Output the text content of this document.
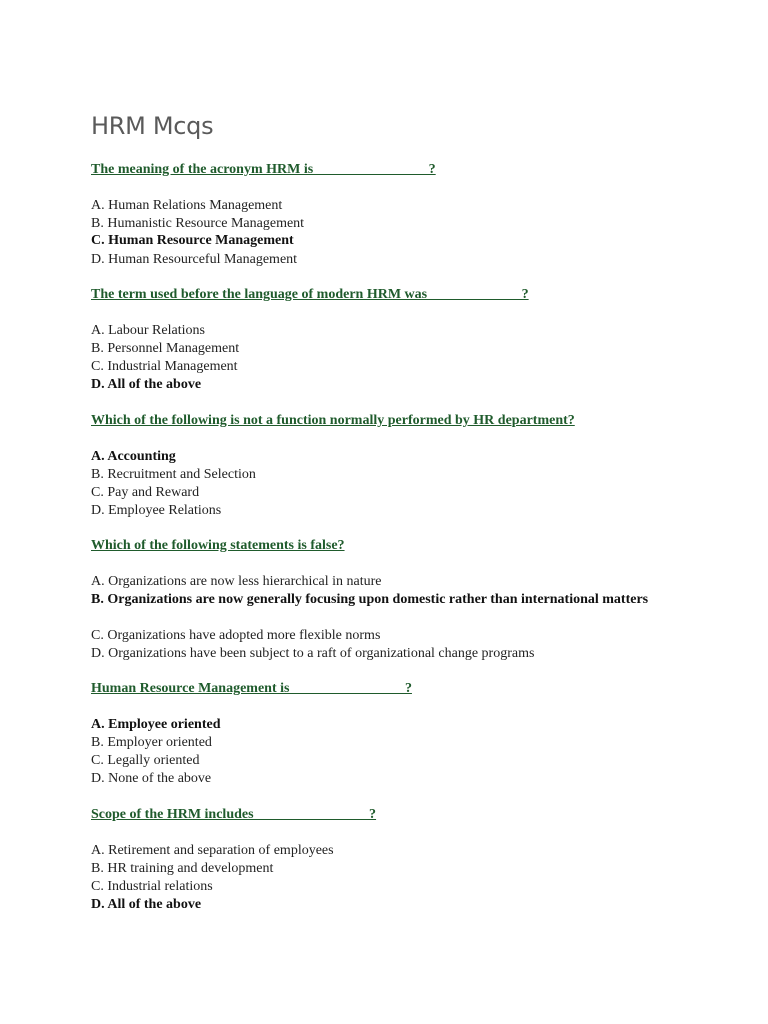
HRM Mcqs
The meaning of the acronym HRM is ________________?
A. Human Relations Management
B. Humanistic Resource Management
C. Human Resource Management
D. Human Resourceful Management
The term used before the language of modern HRM was _____________?
A. Labour Relations
B. Personnel Management
C. Industrial Management
D. All of the above
Which of the following is not a function normally performed by HR department?
A. Accounting
B. Recruitment and Selection
C. Pay and Reward
D. Employee Relations
Which of the following statements is false?
A. Organizations are now less hierarchical in nature
B. Organizations are now generally focusing upon domestic rather than international matters
C. Organizations have adopted more flexible norms
D. Organizations have been subject to a raft of organizational change programs
Human Resource Management is ________________?
A. Employee oriented
B. Employer oriented
C. Legally oriented
D. None of the above
Scope of the HRM includes ________________?
A. Retirement and separation of employees
B. HR training and development
C. Industrial relations
D. All of the above
